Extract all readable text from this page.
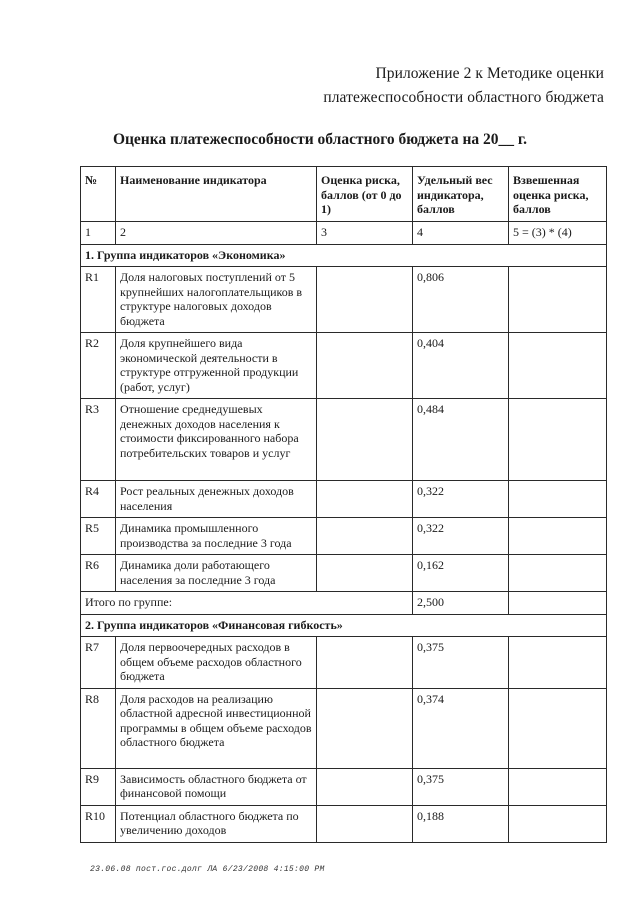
Приложение 2 к Методике оценки
платежеспособности областного бюджета
Оценка платежеспособности областного бюджета на 20__ г.
№	Наименование индикатора	Оценка риска, баллов (от 0 до 1)	Удельный вес индикатора, баллов	Взвешенная оценка риска, баллов
1	2	3	4	5 = (3) * (4)
1. Группа индикаторов «Экономика»				
R1	Доля налоговых поступлений от 5 крупнейших налогоплательщиков в структуре налоговых доходов бюджета		0,806	
R2	Доля крупнейшего вида экономической деятельности в структуре отгруженной продукции (работ, услуг)		0,404	
R3	Отношение среднедушевых денежных доходов населения к стоимости фиксированного набора потребительских товаров и услуг		0,484	
R4	Рост реальных денежных доходов населения		0,322	
R5	Динамика промышленного производства за последние 3 года		0,322	
R6	Динамика доли работающего населения за последние 3 года		0,162	
Итого по группе:			2,500	
2. Группа индикаторов «Финансовая гибкость»				
R7	Доля первоочередных расходов в общем объеме расходов областного бюджета		0,375	
R8	Доля расходов на реализацию областной адресной инвестиционной программы в общем объеме расходов областного бюджета		0,374	
R9	Зависимость областного бюджета от финансовой помощи		0,375	
R10	Потенциал областного бюджета по увеличению доходов		0,188	
23.06.08 пост.гос.долг ЛА 6/23/2008 4:15:00 PM
